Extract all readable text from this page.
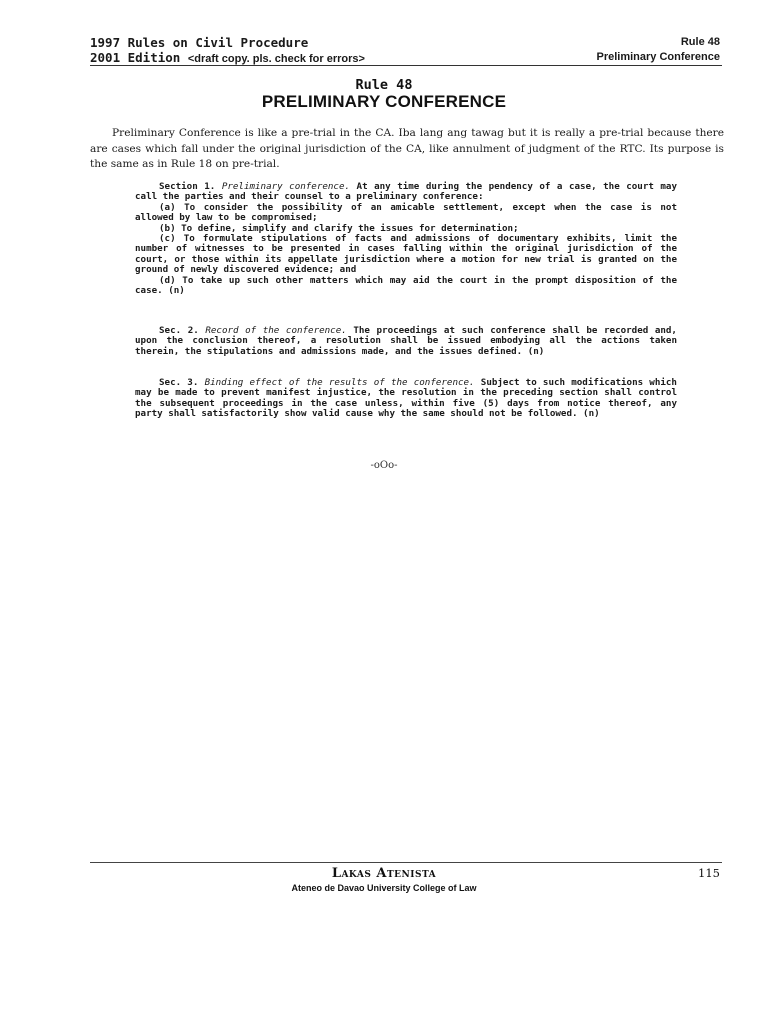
1997 Rules on Civil Procedure
2001 Edition <draft copy. pls. check for errors>
Rule 48
Preliminary Conference
Rule 48
PRELIMINARY CONFERENCE

Preliminary Conference is like a pre-trial in the CA. Iba lang ang tawag but it is really a pre-trial because there are cases which fall under the original jurisdiction of the CA, like annulment of judgment of the RTC. Its purpose is the same as in Rule 18 on pre-trial.

Section 1. Preliminary conference. At any time during the pendency of a case, the court may call the parties and their counsel to a preliminary conference:

(a) To consider the possibility of an amicable settlement, except when the case is not allowed by law to be compromised;

(b) To define, simplify and clarify the issues for determination;

(c) To formulate stipulations of facts and admissions of documentary exhibits, limit the number of witnesses to be presented in cases falling within the original jurisdiction of the court, or those within its appellate jurisdiction where a motion for new trial is granted on the ground of newly discovered evidence; and

(d) To take up such other matters which may aid the court in the prompt disposition of the case. (n)

Sec. 2. Record of the conference. The proceedings at such conference shall be recorded and, upon the conclusion thereof, a resolution shall be issued embodying all the actions taken therein, the stipulations and admissions made, and the issues defined. (n)

Sec. 3. Binding effect of the results of the conference. Subject to such modifications which may be made to prevent manifest injustice, the resolution in the preceding section shall control the subsequent proceedings in the case unless, within five (5) days from notice thereof, any party shall satisfactorily show valid cause why the same should not be followed. (n)

-oOo-
Lakas Atenista
Ateneo de Davao University College of Law
115
